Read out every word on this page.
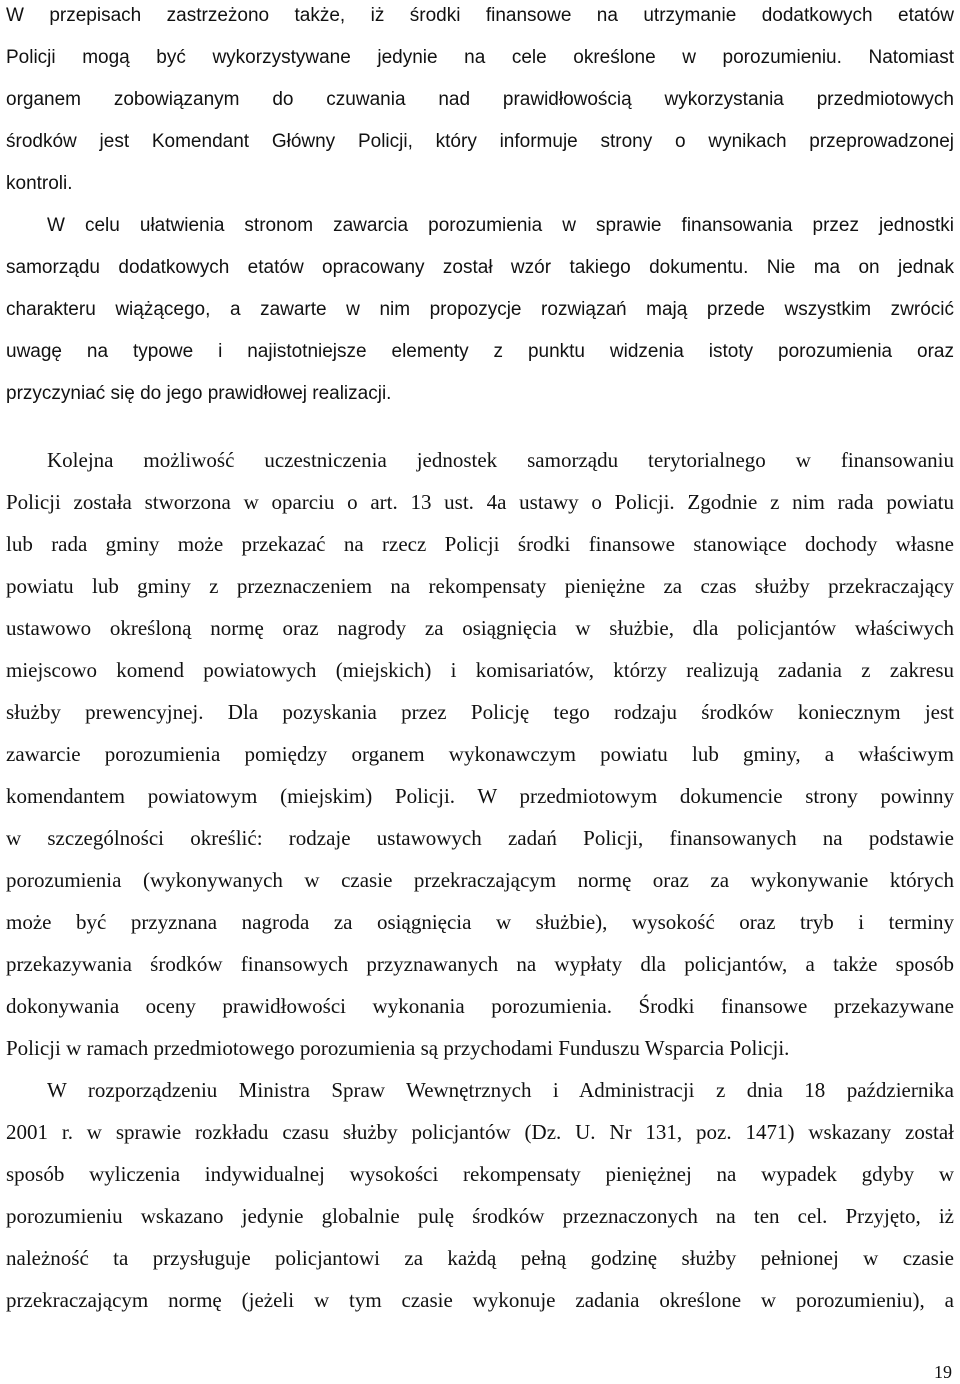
W przepisach zastrzeżono także, iż środki finansowe na utrzymanie dodatkowych etatów
Policji mogą być wykorzystywane jedynie na cele określone w porozumieniu. Natomiast
organem zobowiązanym do czuwania nad prawidłowością wykorzystania przedmiotowych
środków jest Komendant Główny Policji, który informuje strony o wynikach przeprowadzonej
kontroli.
W celu ułatwienia stronom zawarcia porozumienia w sprawie finansowania przez jednostki
samorządu dodatkowych etatów opracowany został wzór takiego dokumentu. Nie ma on jednak
charakteru wiążącego, a zawarte w nim propozycje rozwiązań mają przede wszystkim zwrócić
uwagę na typowe i najistotniejsze elementy z punktu widzenia istoty porozumienia oraz
przyczyniać się do jego prawidłowej realizacji.
Kolejna możliwość uczestniczenia jednostek samorządu terytorialnego w finansowaniu
Policji została stworzona w oparciu o art. 13 ust. 4a ustawy o Policji. Zgodnie z nim rada powiatu
lub rada gminy może przekazać na rzecz Policji środki finansowe stanowiące dochody własne
powiatu lub gminy z przeznaczeniem na rekompensaty pieniężne za czas służby przekraczający
ustawowo określoną normę oraz nagrody za osiągnięcia w służbie, dla policjantów właściwych
miejscowo komend powiatowych (miejskich) i komisariatów, którzy realizują zadania z zakresu
służby prewencyjnej. Dla pozyskania przez Policję tego rodzaju środków koniecznym jest
zawarcie porozumienia pomiędzy organem wykonawczym powiatu lub gminy, a właściwym
komendantem powiatowym (miejskim) Policji. W przedmiotowym dokumencie strony powinny
w szczególności określić: rodzaje ustawowych zadań Policji, finansowanych na podstawie
porozumienia (wykonywanych w czasie przekraczającym normę oraz za wykonywanie których
może być przyznana nagroda za osiągnięcia w służbie), wysokość oraz tryb i terminy
przekazywania środków finansowych przyznawanych na wypłaty dla policjantów, a także sposób
dokonywania oceny prawidłowości wykonania porozumienia. Środki finansowe przekazywane
Policji w ramach przedmiotowego porozumienia są przychodami Funduszu Wsparcia Policji.
W rozporządzeniu Ministra Spraw Wewnętrznych i Administracji z dnia 18 października
2001 r. w sprawie rozkładu czasu służby policjantów (Dz. U. Nr 131, poz. 1471) wskazany został
sposób wyliczenia indywidualnej wysokości rekompensaty pieniężnej na wypadek gdyby w
porozumieniu wskazano jedynie globalnie pulę środków przeznaczonych na ten cel. Przyjęto, iż
należność ta przysługuje policjantowi za każdą pełną godzinę służby pełnionej w czasie
przekraczającym normę (jeżeli w tym czasie wykonuje zadania określone w porozumieniu), a
19
